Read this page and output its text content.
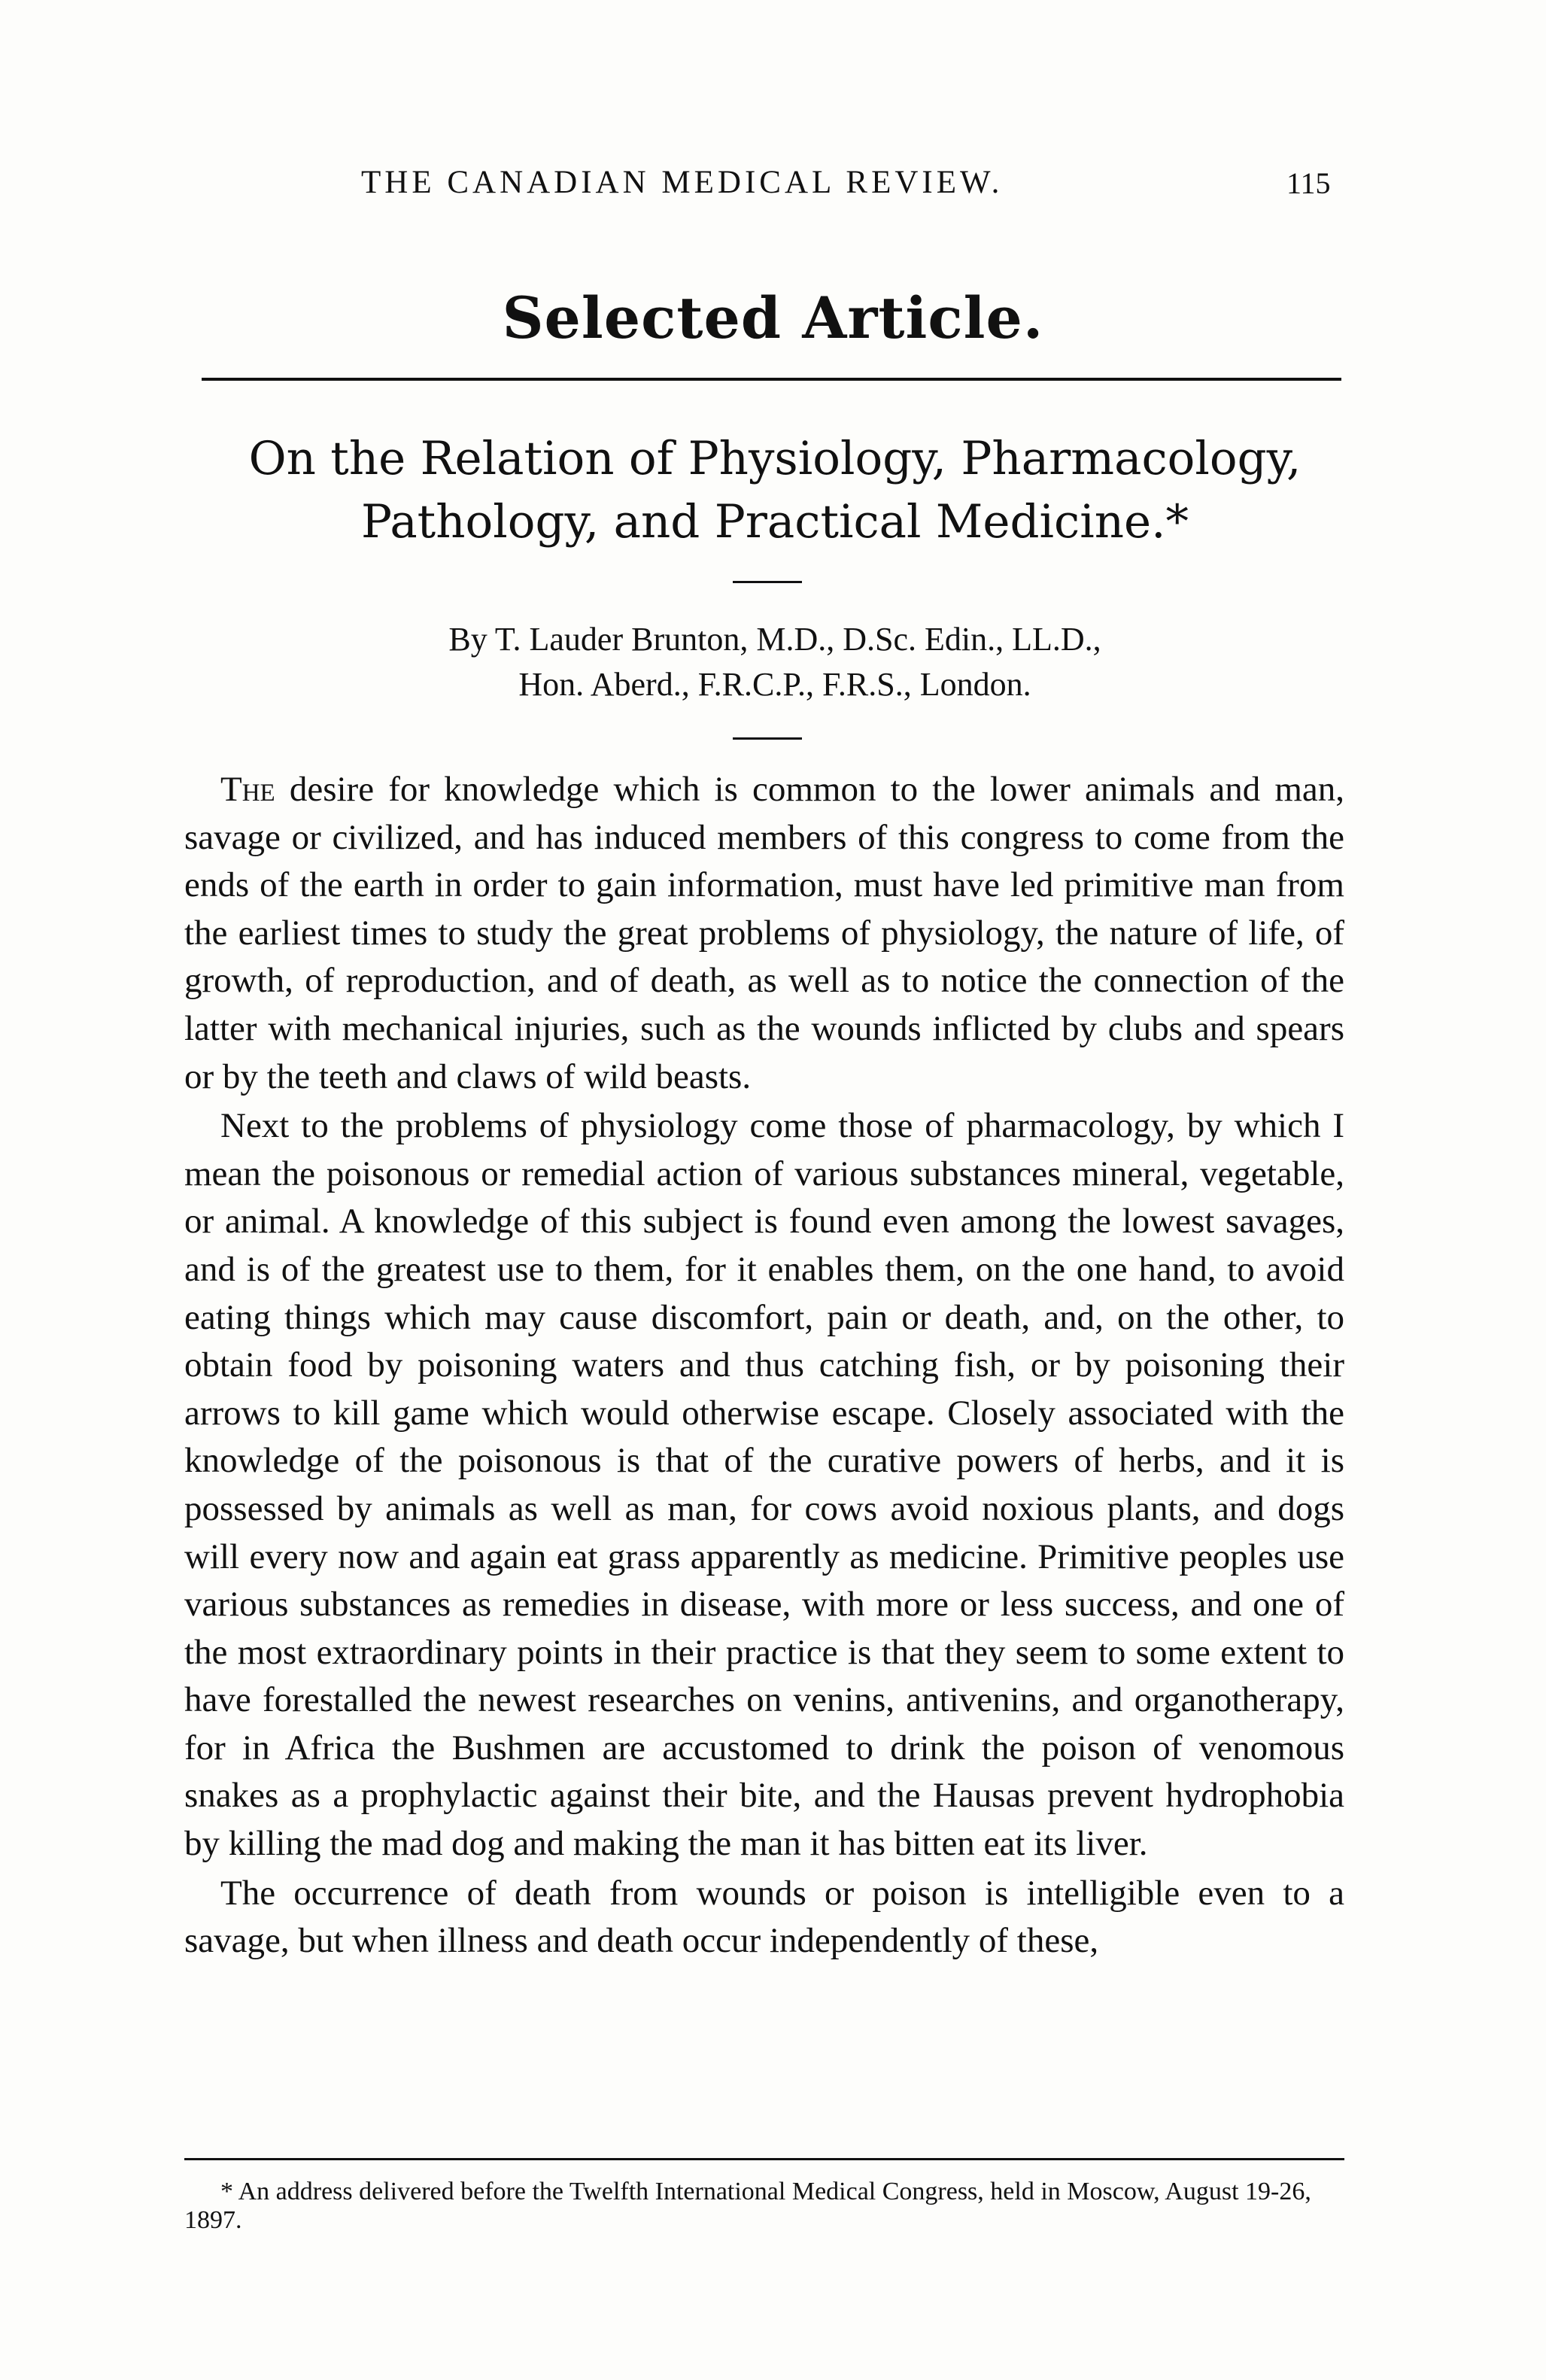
THE CANADIAN MEDICAL REVIEW.	115
Selected Article.
On the Relation of Physiology, Pharmacology,
Pathology, and Practical Medicine.*
By T. Lauder Brunton, M.D., D.Sc. Edin., LL.D.,
Hon. Aberd., F.R.C.P., F.R.S., London.

The desire for knowledge which is common to the lower animals and man, savage or civilized, and has induced members of this congress to come from the ends of the earth in order to gain information, must have led primitive man from the earliest times to study the great problems of physiology, the nature of life, of growth, of reproduction, and of death, as well as to notice the connection of the latter with mechanical injuries, such as the wounds inflicted by clubs and spears or by the teeth and claws of wild beasts.

Next to the problems of physiology come those of pharmacology, by which I mean the poisonous or remedial action of various substances mineral, vegetable, or animal. A knowledge of this subject is found even among the lowest savages, and is of the greatest use to them, for it enables them, on the one hand, to avoid eating things which may cause discomfort, pain or death, and, on the other, to obtain food by poisoning waters and thus catching fish, or by poisoning their arrows to kill game which would otherwise escape. Closely associated with the knowledge of the poisonous is that of the curative powers of herbs, and it is possessed by animals as well as man, for cows avoid noxious plants, and dogs will every now and again eat grass apparently as medicine. Primitive peoples use various substances as remedies in disease, with more or less success, and one of the most extraordinary points in their practice is that they seem to some extent to have forestalled the newest researches on venins, antivenins, and organotherapy, for in Africa the Bushmen are accustomed to drink the poison of venomous snakes as a prophylactic against their bite, and the Hausas prevent hydrophobia by killing the mad dog and making the man it has bitten eat its liver.

The occurrence of death from wounds or poison is intelligible even to a savage, but when illness and death occur independently of these,

* An address delivered before the Twelfth International Medical Congress, held in Moscow, August 19-26, 1897.
